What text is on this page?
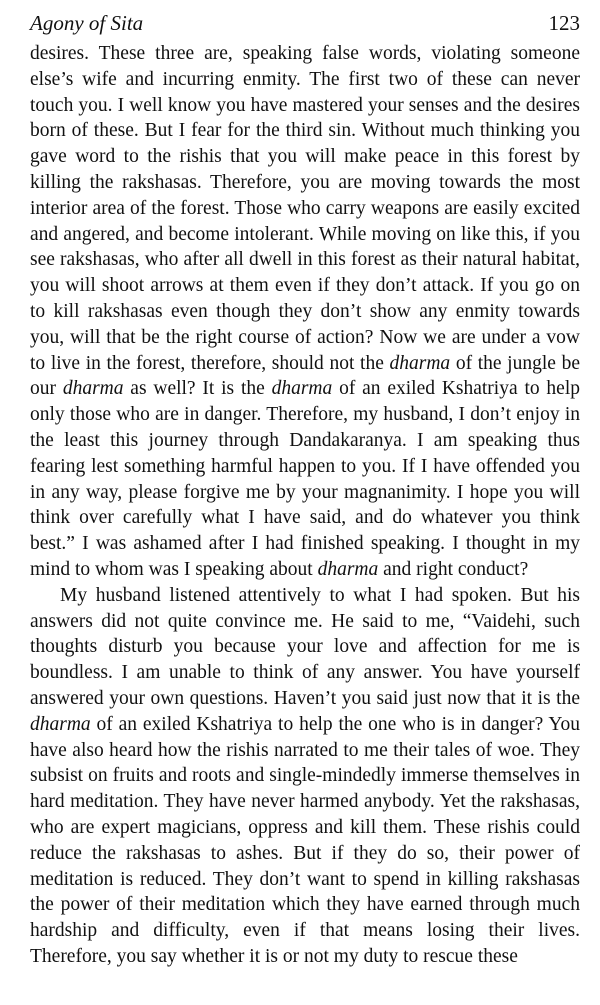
Agony of Sita	123

desires. These three are, speaking false words, violating someone else’s wife and incurring enmity. The first two of these can never touch you. I well know you have mastered your senses and the desires born of these. But I fear for the third sin. Without much thinking you gave word to the rishis that you will make peace in this forest by killing the rakshasas. Therefore, you are moving towards the most interior area of the forest. Those who carry weapons are easily excited and angered, and become intolerant. While moving on like this, if you see rakshasas, who after all dwell in this forest as their natural habitat, you will shoot arrows at them even if they don’t attack. If you go on to kill rakshasas even though they don’t show any enmity towards you, will that be the right course of action? Now we are under a vow to live in the forest, therefore, should not the dharma of the jungle be our dharma as well? It is the dharma of an exiled Kshatriya to help only those who are in danger. Therefore, my husband, I don’t enjoy in the least this journey through Dandakaranya. I am speaking thus fearing lest something harmful happen to you. If I have offended you in any way, please forgive me by your magnanimity. I hope you will think over carefully what I have said, and do whatever you think best.” I was ashamed after I had finished speaking. I thought in my mind to whom was I speaking about dharma and right conduct?

My husband listened attentively to what I had spoken. But his answers did not quite convince me. He said to me, “Vaidehi, such thoughts disturb you because your love and affection for me is boundless. I am unable to think of any answer. You have yourself answered your own questions. Haven’t you said just now that it is the dharma of an exiled Kshatriya to help the one who is in danger? You have also heard how the rishis narrated to me their tales of woe. They subsist on fruits and roots and single-mindedly immerse themselves in hard meditation. They have never harmed anybody. Yet the rakshasas, who are expert magicians, oppress and kill them. These rishis could reduce the rakshasas to ashes. But if they do so, their power of meditation is reduced. They don’t want to spend in killing rakshasas the power of their meditation which they have earned through much hardship and difficulty, even if that means losing their lives. Therefore, you say whether it is or not my duty to rescue these
